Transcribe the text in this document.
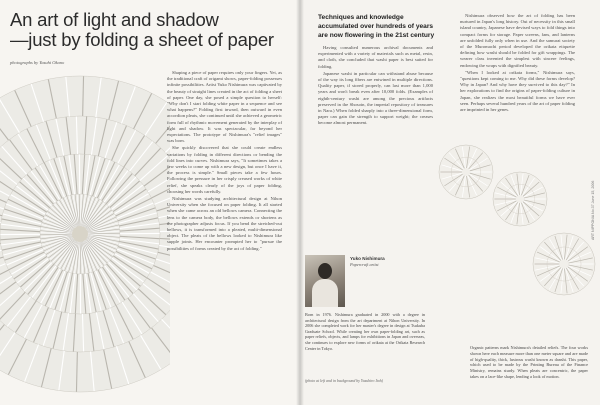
An art of light and shadow
—just by folding a sheet of paper
photographs by Yasuhi Okano

Shaping a piece of paper requires only your fingers. Yet, as the traditional craft of origami shows, paper-folding possesses infinite possibilities. Artist Yuko Nishimura was captivated by the beauty of straight lines created in the act of folding a sheet of paper. One day, she posed a simple question to herself: "Why don't I start folding white paper in a sequence and see what happens?" Folding first inward, then outward in even accordion pleats, she continued until she achieved a geometric form full of rhythmic movement generated by the interplay of light and shadow. It was spectacular, far beyond her expectations. The prototype of Nishimura's "relief images" was born.

She quickly discovered that she could create endless variations by folding in different directions or bending the fold lines into curves. Nishimura says, "It sometimes takes a few weeks to come up with a new design, but once I have it, the process is simple." Small pieces take a few hours. Following the pressure in her crisply creased works of white relief, she speaks clearly of the joys of paper folding, choosing her words carefully.

Nishimura was studying architectural design at Nihon University when she focused on paper folding. It all started when she came across an old bellows camera. Connecting the lens to the camera body, the bellows extends or shortens as the photographer adjusts focus. If you bend the stretched-out bellows, it is transformed into a pleated, multi-dimensional object. The pleats of the bellows looked to Nishimura like supple joints. Her encounter prompted her to "pursue the possibilities of forms created by the act of folding."

Techniques and knowledge accumulated over hundreds of years are now flowering in the 21st century

Having consulted numerous archival documents and experimented with a variety of materials such as metal, resin, and cloth, she concluded that washi paper is best suited for folding.

Japanese washi in particular can withstand abuse because of the way its long fibers are entwined in multiple directions. Quality paper, if stored properly, can last more than 1,000 years and won't break even after 10,000 folds. (Examples of eighth-century washi are among the precious artifacts preserved in the Shosoin, the imperial repository of treasures in Nara.) When folded sharply into a three-dimensional form, paper can gain the strength to support weight; the creases become almost permanent.

Nishimura observed how the art of folding has been nurtured in Japan's long history. Out of necessity in this small island country, Japanese have devised ways to fold things into compact forms for storage. Paper screens, fans, and lanterns are unfolded fully only when in use. And the samurai society of the Muromachi period developed the orikata etiquette defining how washi should be folded for gift wrappings. The wearer class invented the simplest with sincere feelings, endowing the wraps with dignified beauty.

"When I looked at orikata forms," Nishimura says, "questions kept coming to me. Why did these forms develop? Why in Japan? And why have they survived to this day?" In her explorations to find the origins of paper-folding culture in Japan, she realizes the most beautiful forms we have ever seen. Perhaps several hundred years of the art of paper folding are imprinted in her genes.

ART NIPPONIA No.37 June 15, 2006
Yuko Nishimura
Papercraft artist

Born in 1976. Nishimura graduated in 2000 with a degree in architectural design from the art department at Nihon University. In 2006 she completed work for her master's degree in design at Tsukuba Graduate School. While creating her own paper-folding art, such as paper reliefs, objects, and lamps for exhibitions in Japan and overseas, she continues to explore new forms of orikata at the Orikata Research Center in Tokyo.

(photo at left and in background by Yasuhiro Itoh)

Organic patterns mark Nishimura's detailed reliefs. The four works shown here each measure more than one meter square and are made of high-quality, thick, lustrous washi known as danshi. This paper, which used to be made by the Printing Bureau of the Finance Ministry, remains sturdy. When pleats are concentric, the paper takes on a lace-like shape, lending a look of motion.
